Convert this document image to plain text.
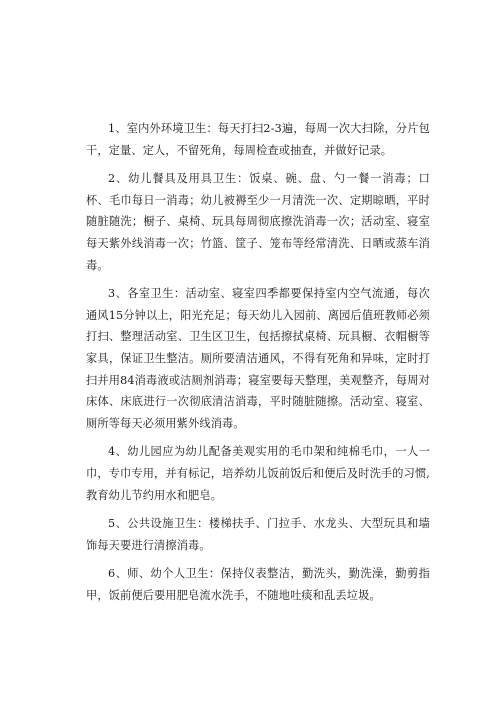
1、室内外环境卫生：每天打扫2-3遍，每周一次大扫除，分片包干，定量、定人，不留死角，每周检查或抽查，并做好记录。

2、幼儿餐具及用具卫生：饭桌、碗、盘、勺一餐一消毒；口杯、毛巾每日一消毒；幼儿被褥至少一月清洗一次、定期晾晒，平时随脏随洗；橱子、桌椅、玩具每周彻底擦洗消毒一次；活动室、寝室每天紫外线消毒一次；竹篮、筐子、笼布等经常清洗、日晒或蒸车消毒。

3、各室卫生：活动室、寝室四季都要保持室内空气流通，每次通风15分钟以上，阳光充足；每天幼儿入园前、离园后值班教师必须打扫、整理活动室、卫生区卫生，包括擦拭桌椅、玩具橱、衣帽橱等家具，保证卫生整洁。厕所要清洁通风，不得有死角和异味，定时打扫并用84消毒液或洁厕剂消毒；寝室要每天整理，美观整齐，每周对床体、床底进行一次彻底清洁消毒，平时随脏随擦。活动室、寝室、厕所等每天必须用紫外线消毒。

4、幼儿园应为幼儿配备美观实用的毛巾架和纯棉毛巾，一人一巾，专巾专用，并有标记，培养幼儿饭前饭后和便后及时洗手的习惯,教育幼儿节约用水和肥皂。

5、公共设施卫生：楼梯扶手、门拉手、水龙头、大型玩具和墙饰每天要进行清擦消毒。

6、师、幼个人卫生：保持仪表整洁，勤洗头，勤洗澡，勤剪指甲，饭前便后要用肥皂流水洗手，不随地吐痰和乱丢垃圾。
